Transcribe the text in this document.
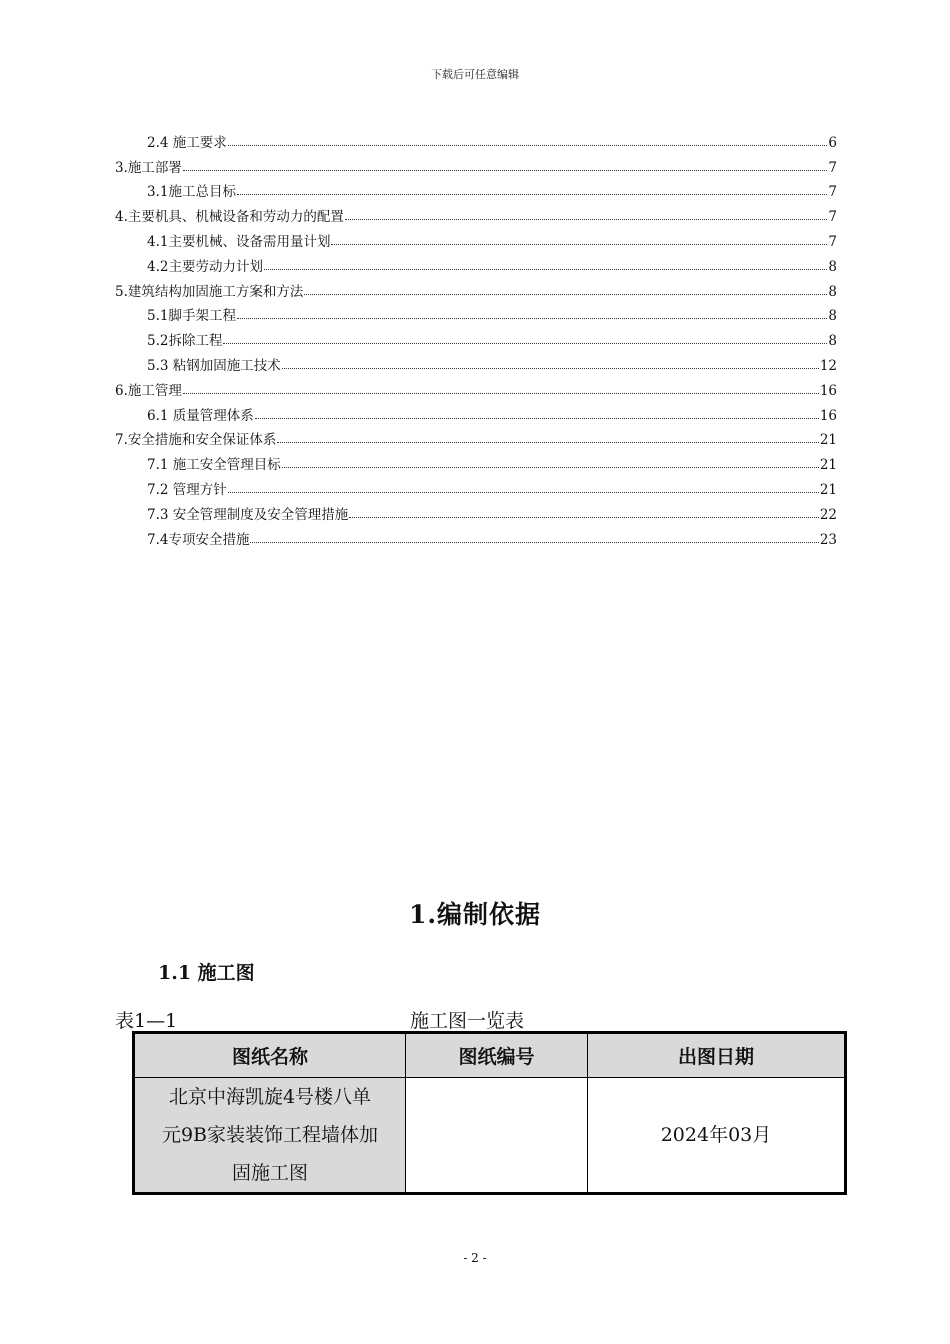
下载后可任意编辑
2.4 施工要求	6
3.施工部署	7
3.1施工总目标	7
4.主要机具、机械设备和劳动力的配置	7
4.1主要机械、设备需用量计划	7
4.2主要劳动力计划	8
5.建筑结构加固施工方案和方法	8
5.1脚手架工程	8
5.2拆除工程	8
5.3 粘钢加固施工技术	12
6.施工管理	16
6.1 质量管理体系	16
7.安全措施和安全保证体系	21
7.1 施工安全管理目标	21
7.2 管理方针	21
7.3 安全管理制度及安全管理措施	22
7.4专项安全措施	23
1.编制依据
1.1 施工图
表1—1	施工图一览表
图纸名称	图纸编号	出图日期

北京中海凯旋4号楼八单
元9B家装装饰工程墙体加
固施工图		2024年03月
- 2 -
